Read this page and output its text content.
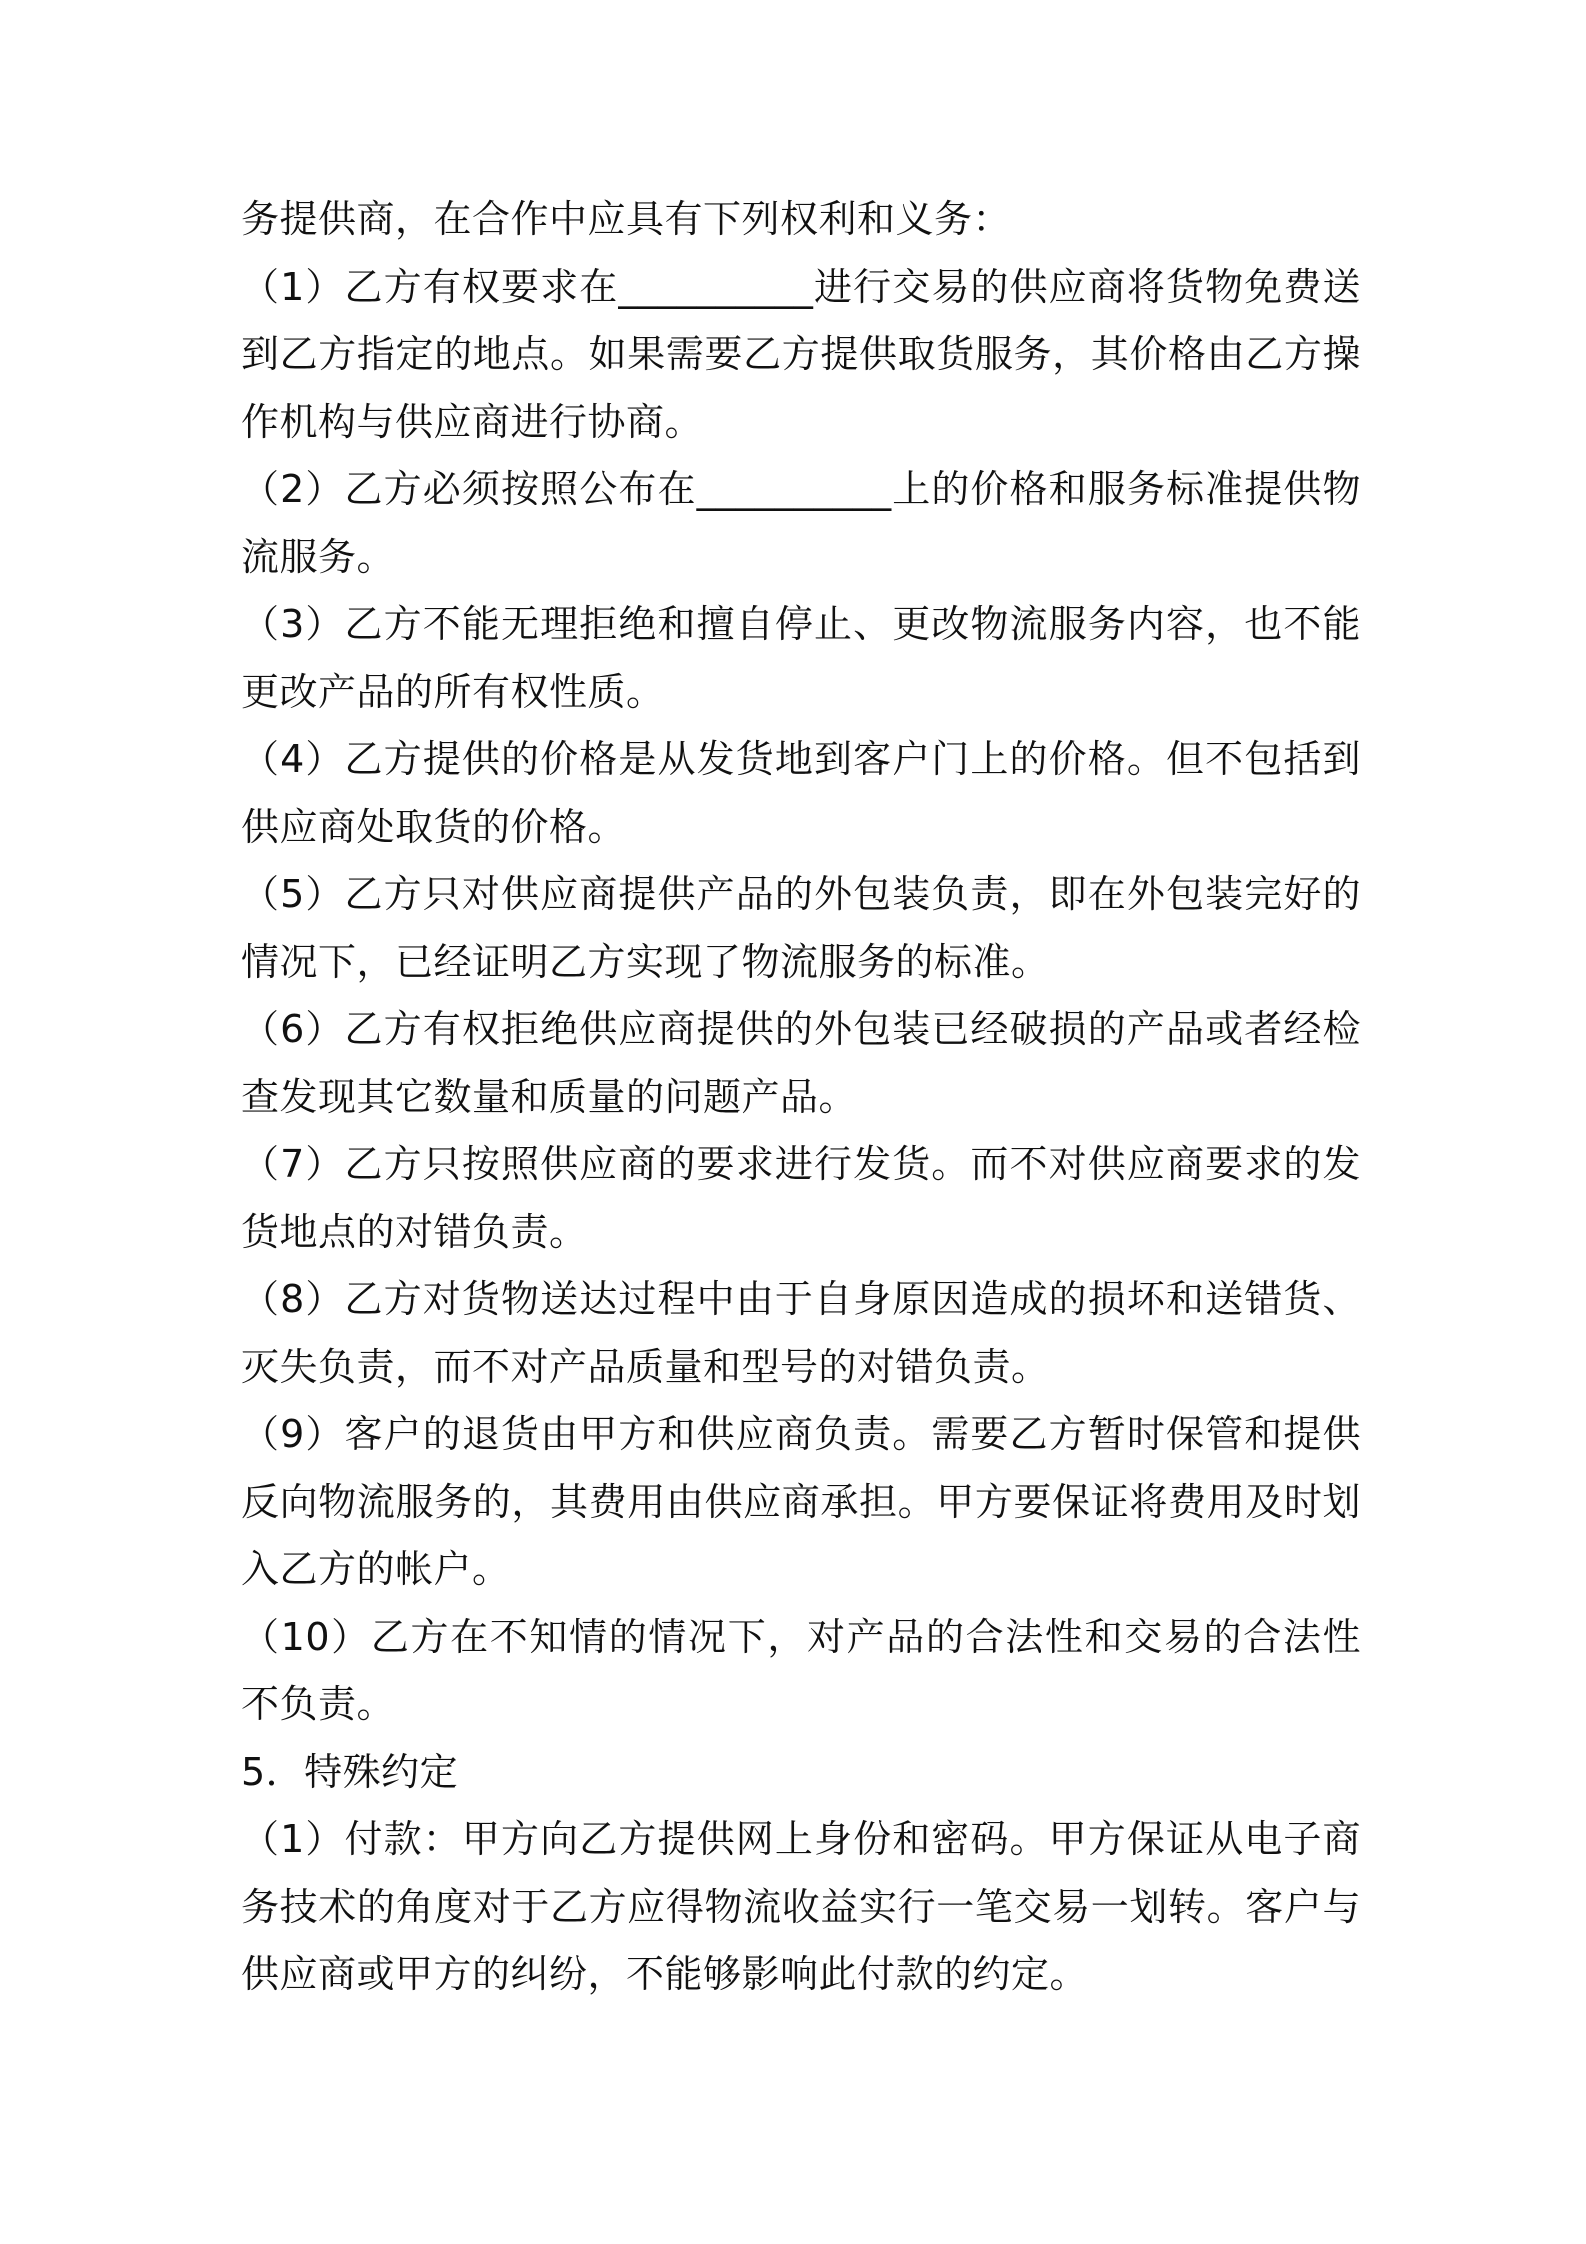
务提供商，在合作中应具有下列权利和义务：

（1）乙方有权要求在__________进行交易的供应商将货物免费送到乙方指定的地点。如果需要乙方提供取货服务，其价格由乙方操作机构与供应商进行协商。

（2）乙方必须按照公布在__________上的价格和服务标准提供物流服务。

（3）乙方不能无理拒绝和擅自停止、更改物流服务内容，也不能更改产品的所有权性质。

（4）乙方提供的价格是从发货地到客户门上的价格。但不包括到供应商处取货的价格。

（5）乙方只对供应商提供产品的外包装负责，即在外包装完好的情况下，已经证明乙方实现了物流服务的标准。

（6）乙方有权拒绝供应商提供的外包装已经破损的产品或者经检查发现其它数量和质量的问题产品。

（7）乙方只按照供应商的要求进行发货。而不对供应商要求的发货地点的对错负责。

（8）乙方对货物送达过程中由于自身原因造成的损坏和送错货、灭失负责，而不对产品质量和型号的对错负责。

（9）客户的退货由甲方和供应商负责。需要乙方暂时保管和提供反向物流服务的，其费用由供应商承担。甲方要保证将费用及时划入乙方的帐户。

（10）乙方在不知情的情况下，对产品的合法性和交易的合法性不负责。

5．特殊约定

（1）付款：甲方向乙方提供网上身份和密码。甲方保证从电子商务技术的角度对于乙方应得物流收益实行一笔交易一划转。客户与供应商或甲方的纠纷，不能够影响此付款的约定。
